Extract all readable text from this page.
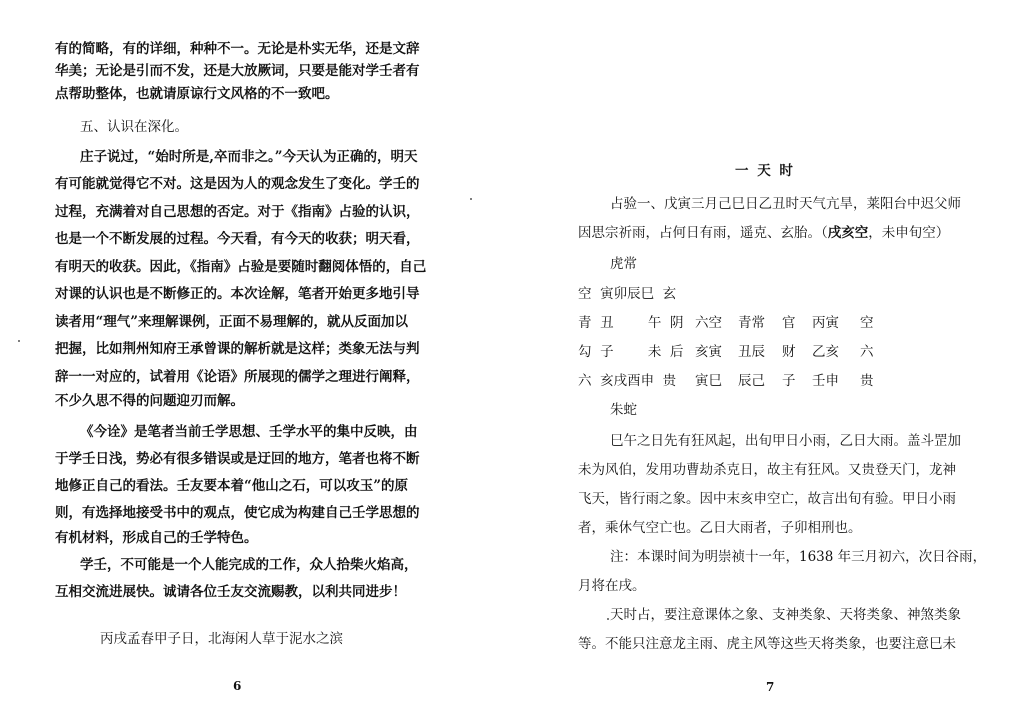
有的简略，有的详细，种种不一。无论是朴实无华，还是文辞
华美；无论是引而不发，还是大放厥词，只要是能对学壬者有
点帮助整体，也就请原谅行文风格的不一致吧。
五、认识在深化。
庄子说过，“始时所是,卒而非之。”今天认为正确的，明天
有可能就觉得它不对。这是因为人的观念发生了变化。学壬的
过程，充满着对自己思想的否定。对于《指南》占验的认识，
也是一个不断发展的过程。今天看，有今天的收获；明天看，
有明天的收获。因此，《指南》占验是要随时翻阅体悟的，自己
对课的认识也是不断修正的。本次诠解，笔者开始更多地引导
读者用“理气”来理解课例，正面不易理解的，就从反面加以
把握，比如荆州知府王承曾课的解析就是这样；类象无法与判
辞一一对应的，试着用《论语》所展现的儒学之理进行阐释，
不少久思不得的问题迎刃而解。
《今诠》是笔者当前壬学思想、壬学水平的集中反映，由
于学壬日浅，势必有很多错误或是迂回的地方，笔者也将不断
地修正自己的看法。壬友要本着“他山之石，可以攻玉”的原
则，有选择地接受书中的观点，使它成为构建自己壬学思想的
有机材料，形成自己的壬学特色。
学壬，不可能是一个人能完成的工作，众人拾柴火焰高，
互相交流进展快。诚请各位壬友交流赐教，以利共同进步！
丙戌孟春甲子日，北海闲人草于泥水之滨
6
一 天 时
占验一、戊寅三月己巳日乙丑时天气亢旱，莱阳台中迟父师
因思宗祈雨，占何日有雨，遥克、玄胎。（戌亥空，未申旬空）
虎常
空  寅卯辰巳  玄
青  丑        午  阴
勾  子        未  后
六  亥戌酉申  贵
朱蛇
六空 青常 官 丙寅 空
亥寅 丑辰 财 乙亥 六
寅巳 辰己 子 壬申 贵
巳午之日先有狂风起，出旬甲日小雨，乙日大雨。盖斗罡加
未为风伯，发用功曹劫杀克日，故主有狂风。又贵登天门，龙神
飞天，皆行雨之象。因中末亥申空亡，故言出旬有验。甲日小雨
者，乘休气空亡也。乙日大雨者，子卯相刑也。
注：本课时间为明崇祯十一年，1638 年三月初六，次日谷雨，
月将在戌。
天时占，要注意课体之象、支神类象、天将类象、神煞类象
等。不能只注意龙主雨、虎主风等这些天将类象，也要注意巳未
7
